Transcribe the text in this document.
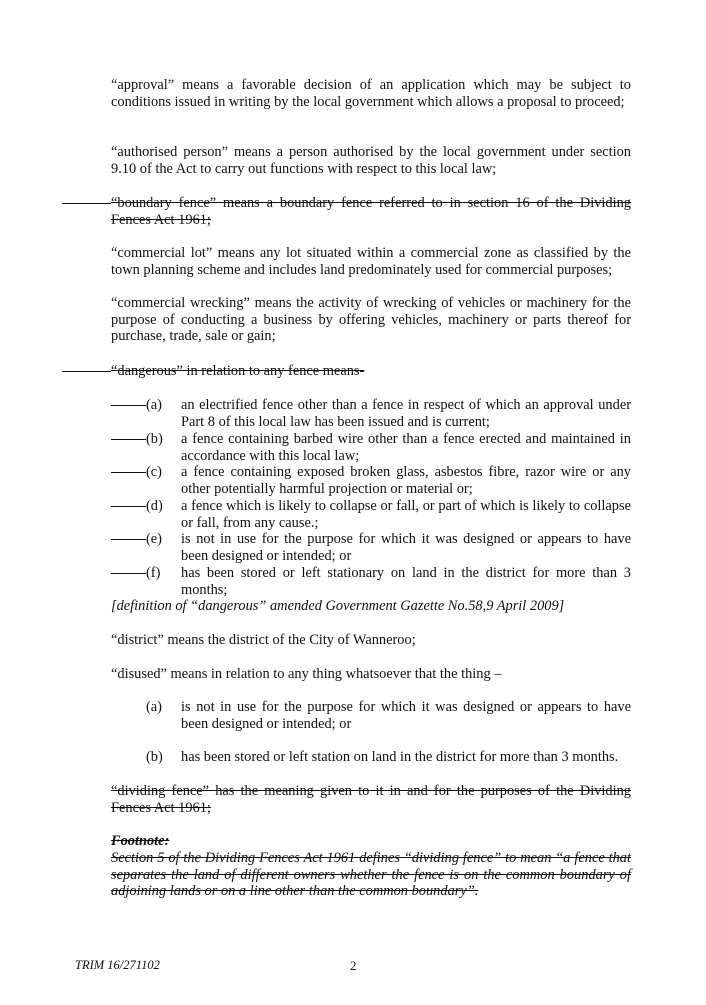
“approval” means a favorable decision of an application which may be subject to conditions issued in writing by the local government which allows a proposal to proceed;

“authorised person” means a person authorised by the local government under section 9.10 of the Act to carry out functions with respect to this local law;

“boundary fence” means a boundary fence referred to in section 16 of the Dividing Fences Act 1961;

“commercial lot” means any lot situated within a commercial zone as classified by the town planning scheme and includes land predominately used for commercial purposes;

“commercial wrecking” means the activity of wrecking of vehicles or machinery for the purpose of conducting a business by offering vehicles, machinery or parts thereof for purchase, trade, sale or gain;

“dangerous” in relation to any fence means-

(a) an electrified fence other than a fence in respect of which an approval under Part 8 of this local law has been issued and is current;
(b) a fence containing barbed wire other than a fence erected and maintained in accordance with this local law;
(c) a fence containing exposed broken glass, asbestos fibre, razor wire or any other potentially harmful projection or material or;
(d) a fence which is likely to collapse or fall, or part of which is likely to collapse or fall, from any cause.;
(e) is not in use for the purpose for which it was designed or appears to have been designed or intended; or
(f) has been stored or left stationary on land in the district for more than 3 months;

[definition of “dangerous” amended Government Gazette No.58,9 April 2009]

“district” means the district of the City of Wanneroo;

“disused” means in relation to any thing whatsoever that the thing –

(a) is not in use for the purpose for which it was designed or appears to have been designed or intended; or
(b) has been stored or left station on land in the district for more than 3 months.

“dividing fence” has the meaning given to it in and for the purposes of the Dividing Fences Act 1961;

Footnote:

Section 5 of the Dividing Fences Act 1961 defines “dividing fence” to mean “a fence that separates the land of different owners whether the fence is on the common boundary of adjoining lands or on a line other than the common boundary”.

TRIM 16/271102	2
